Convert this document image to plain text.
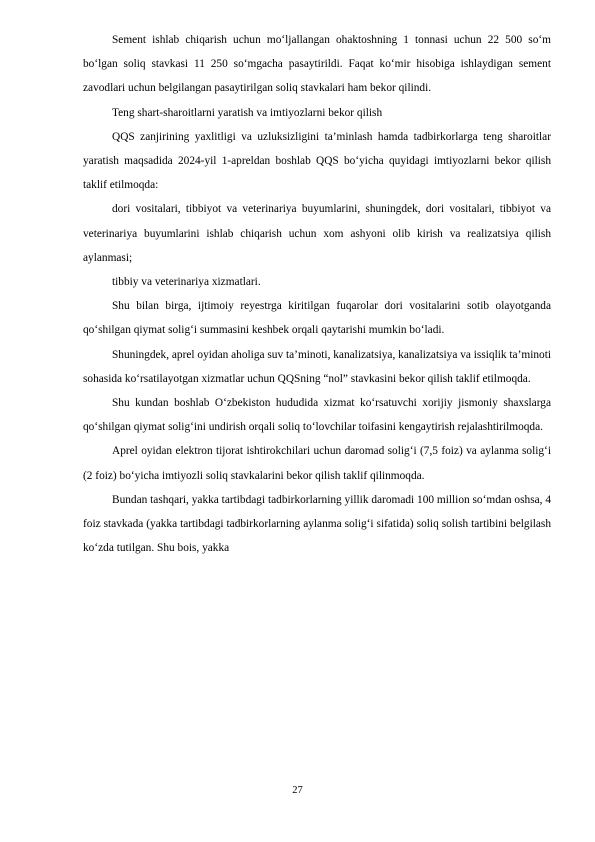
Sement ishlab chiqarish uchun mo‘ljallangan ohaktoshning 1 tonnasi uchun 22 500 so‘m bo‘lgan soliq stavkasi 11 250 so‘mgacha pasaytirildi. Faqat ko‘mir hisobiga ishlaydigan sement zavodlari uchun belgilangan pasaytirilgan soliq stavkalari ham bekor qilindi.

Teng shart-sharoitlarni yaratish va imtiyozlarni bekor qilish

QQS zanjirining yaxlitligi va uzluksizligini ta’minlash hamda tadbirkorlarga teng sharoitlar yaratish maqsadida 2024-yil 1-apreldan boshlab QQS bo‘yicha quyidagi imtiyozlarni bekor qilish taklif etilmoqda:

dori vositalari, tibbiyot va veterinariya buyumlarini, shuningdek, dori vositalari, tibbiyot va veterinariya buyumlarini ishlab chiqarish uchun xom ashyoni olib kirish va realizatsiya qilish aylanmasi;

tibbiy va veterinariya xizmatlari.

Shu bilan birga, ijtimoiy reyestrga kiritilgan fuqarolar dori vositalarini sotib olayotganda qo‘shilgan qiymat solig‘i summasini keshbek orqali qaytarishi mumkin bo‘ladi.

Shuningdek, aprel oyidan aholiga suv ta’minoti, kanalizatsiya, kanalizatsiya va issiqlik ta’minoti sohasida ko‘rsatilayotgan xizmatlar uchun QQSning “nol” stavkasini bekor qilish taklif etilmoqda.

Shu kundan boshlab O‘zbekiston hududida xizmat ko‘rsatuvchi xorijiy jismoniy shaxslarga qo‘shilgan qiymat solig‘ini undirish orqali soliq to‘lovchilar toifasini kengaytirish rejalashtirilmoqda.

Aprel oyidan elektron tijorat ishtirokchilari uchun daromad solig‘i (7,5 foiz) va aylanma solig‘i (2 foiz) bo‘yicha imtiyozli soliq stavkalarini bekor qilish taklif qilinmoqda.

Bundan tashqari, yakka tartibdagi tadbirkorlarning yillik daromadi 100 million so‘mdan oshsa, 4 foiz stavkada (yakka tartibdagi tadbirkorlarning aylanma solig‘i sifatida) soliq solish tartibini belgilash ko‘zda tutilgan. Shu bois, yakka

27
